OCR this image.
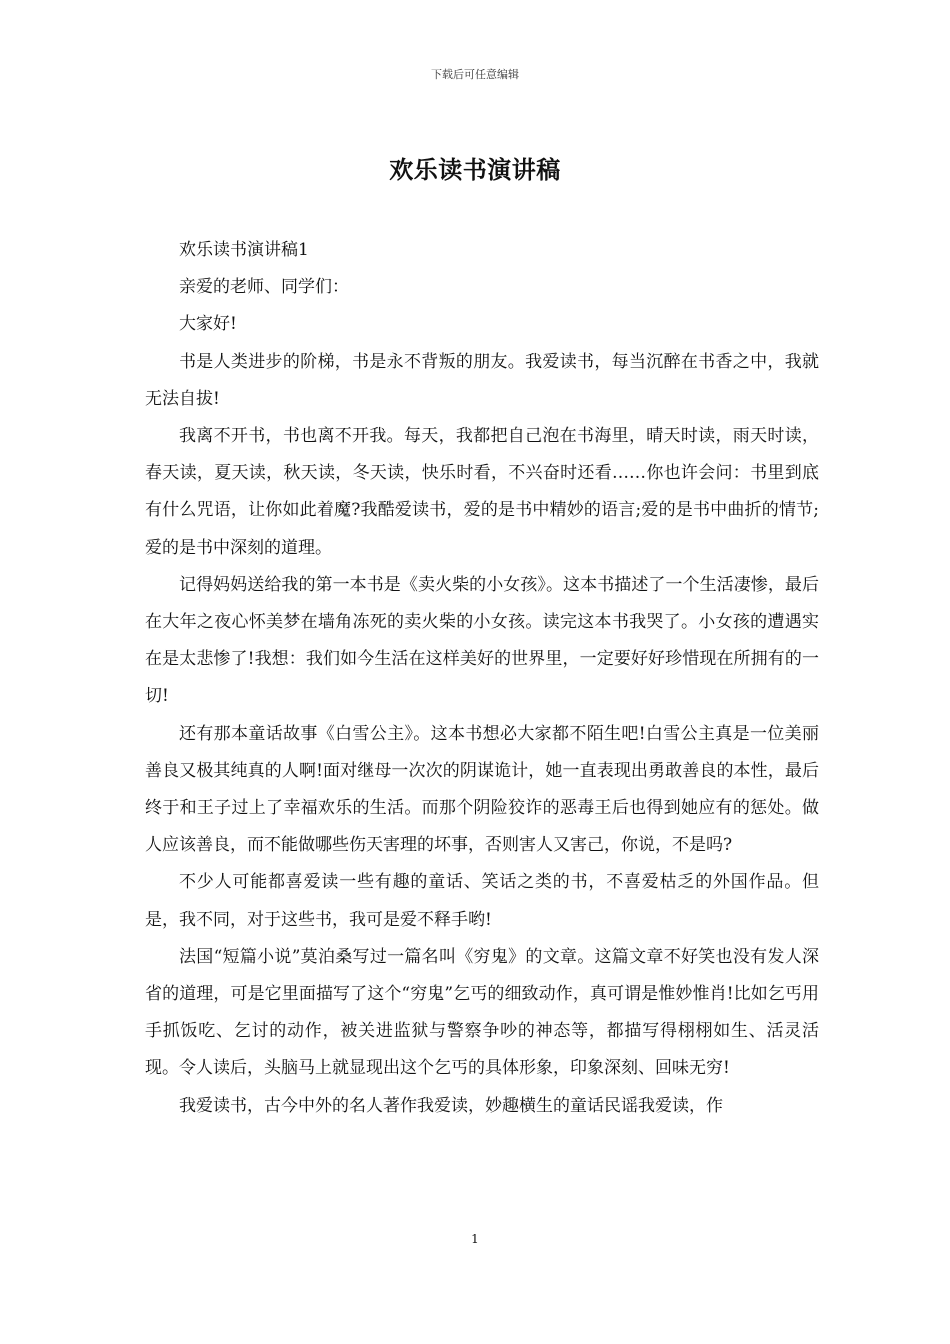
下载后可任意编辑
欢乐读书演讲稿

欢乐读书演讲稿1

亲爱的老师、同学们：

大家好!

书是人类进步的阶梯，书是永不背叛的朋友。我爱读书，每当沉醉在书香之中，我就无法自拔!

我离不开书，书也离不开我。每天，我都把自己泡在书海里，晴天时读，雨天时读，春天读，夏天读，秋天读，冬天读，快乐时看，不兴奋时还看……你也许会问：书里到底有什么咒语，让你如此着魔?我酷爱读书，爱的是书中精妙的语言;爱的是书中曲折的情节;爱的是书中深刻的道理。

记得妈妈送给我的第一本书是《卖火柴的小女孩》。这本书描述了一个生活凄惨，最后在大年之夜心怀美梦在墙角冻死的卖火柴的小女孩。读完这本书我哭了。小女孩的遭遇实在是太悲惨了!我想：我们如今生活在这样美好的世界里，一定要好好珍惜现在所拥有的一切!

还有那本童话故事《白雪公主》。这本书想必大家都不陌生吧!白雪公主真是一位美丽善良又极其纯真的人啊!面对继母一次次的阴谋诡计，她一直表现出勇敢善良的本性，最后终于和王子过上了幸福欢乐的生活。而那个阴险狡诈的恶毒王后也得到她应有的惩处。做人应该善良，而不能做哪些伤天害理的坏事，否则害人又害己，你说，不是吗?

不少人可能都喜爱读一些有趣的童话、笑话之类的书，不喜爱枯乏的外国作品。但是，我不同，对于这些书，我可是爱不释手哟!

法国“短篇小说”莫泊桑写过一篇名叫《穷鬼》的文章。这篇文章不好笑也没有发人深省的道理，可是它里面描写了这个“穷鬼”乞丐的细致动作，真可谓是惟妙惟肖!比如乞丐用手抓饭吃、乞讨的动作，被关进监狱与警察争吵的神态等，都描写得栩栩如生、活灵活现。令人读后，头脑马上就显现出这个乞丐的具体形象，印象深刻、回味无穷!

我爱读书，古今中外的名人著作我爱读，妙趣横生的童话民谣我爱读，作

1
